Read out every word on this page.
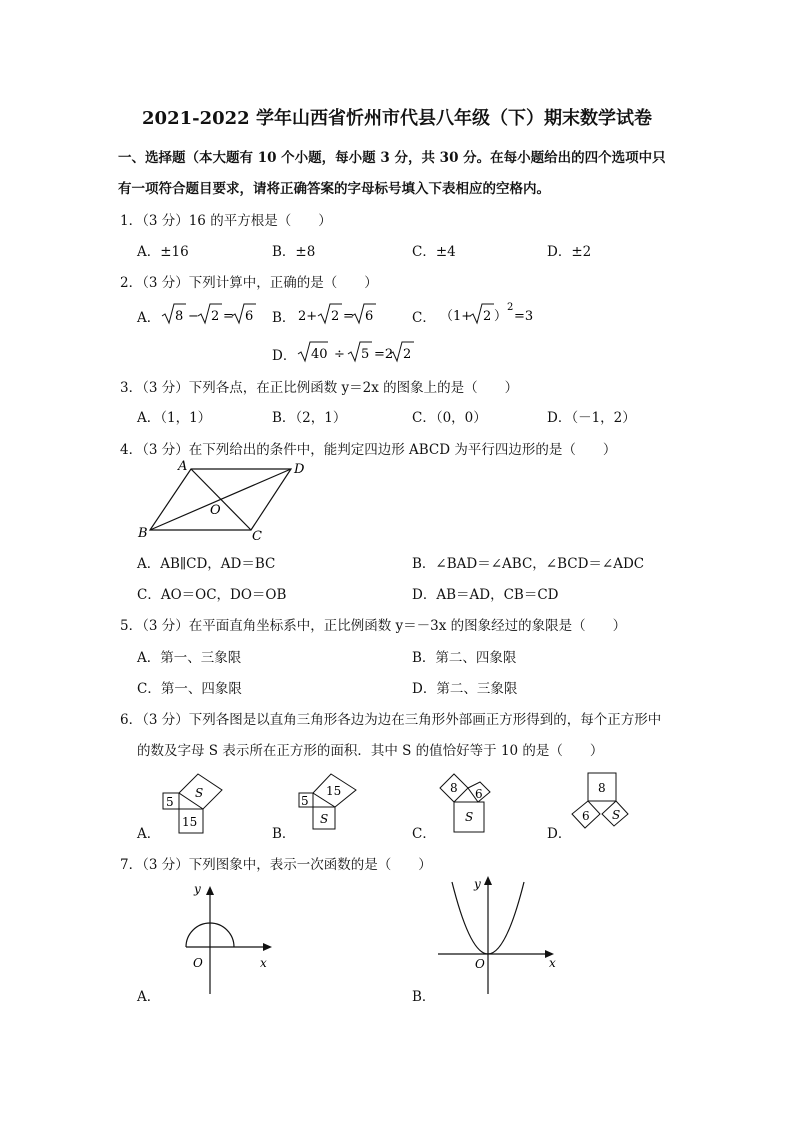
2021-2022 学年山西省忻州市代县八年级（下）期末数学试卷
一、选择题（本大题有 10 个小题，每小题 3 分，共 30 分。在每小题给出的四个选项中只
有一项符合题目要求，请将正确答案的字母标号填入下表相应的空格内。
1．（3 分）16 的平方根是（　　）
A．±16	B．±8	C．±4	D．±2
2．（3 分）下列计算中，正确的是（　　）
A． 8 − 2 = 6 B． 2+ 2 = 6	C． （1+ 2 ）
2
=3
D． 40 ÷ 5 =2 2
3．（3 分）下列各点，在正比例函数 y＝2x 的图象上的是（　　）
A．（1，1）	B．（2，1）	C．（0，0）	D．（－1，2）
4．（3 分）在下列给出的条件中，能判定四边形 ABCD 为平行四边形的是（　　）
A	D
B	C
O
A．AB∥CD，AD＝BC	B．∠BAD＝∠ABC，∠BCD＝∠ADC
C．AO＝OC，DO＝OB	D．AB＝AD，CB＝CD
5．（3 分）在平面直角坐标系中，正比例函数 y＝－3x 的图象经过的象限是（　　）
A．第一、三象限	B．第二、四象限
C．第一、四象限	D．第二、三象限
6．（3 分）下列各图是以直角三角形各边为边在三角形外部画正方形得到的，每个正方形中
的数及字母 S 表示所在正方形的面积．其中 S 的值恰好等于 10 的是（　　）
A．
5
S
15
B．
5
15
S
C．
8 6
S
D．
8
6 S
7．（3 分）下列图象中，表示一次函数的是（　　）
A．
y
x
O
B．
y
x
O
